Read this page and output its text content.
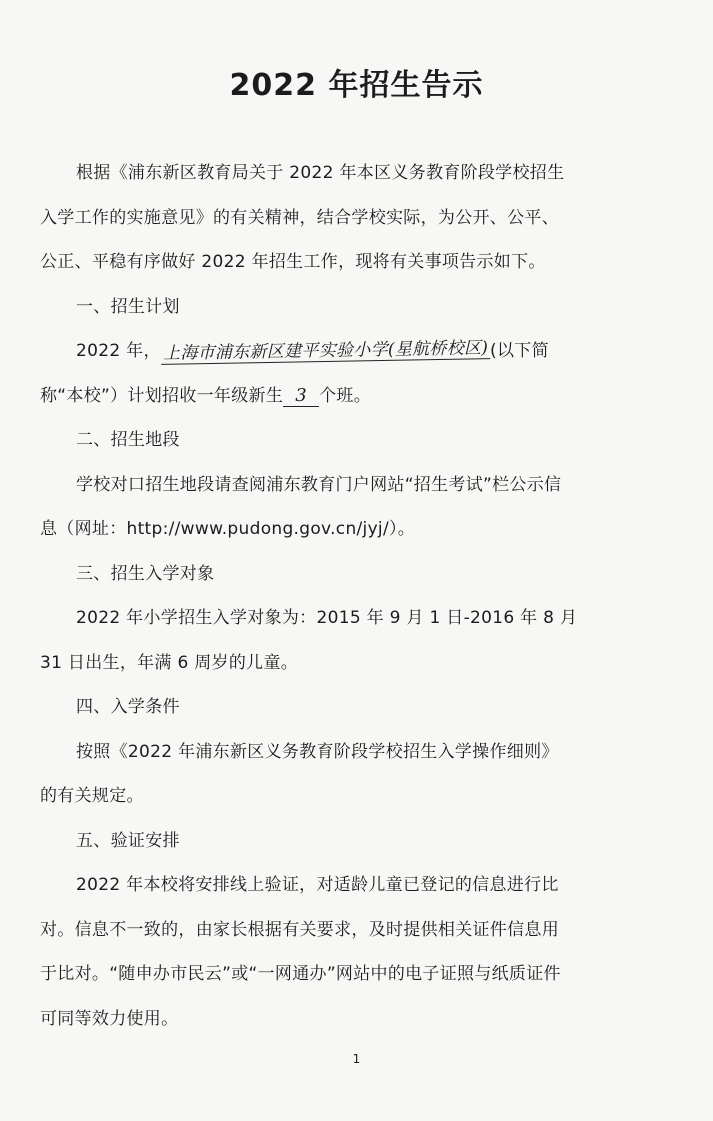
2022 年招生告示
根据《浦东新区教育局关于 2022 年本区义务教育阶段学校招生
入学工作的实施意见》的有关精神，结合学校实际，为公开、公平、
公正、平稳有序做好 2022 年招生工作，现将有关事项告示如下。
一、招生计划
2022 年， 上海市浦东新区建平实验小学(星航桥校区) (以下简
称“本校”）计划招收一年级新生 3 个班。
二、招生地段
学校对口招生地段请查阅浦东教育门户网站“招生考试”栏公示信
息（网址：http://www.pudong.gov.cn/jyj/）。
三、招生入学对象
2022 年小学招生入学对象为：2015 年 9 月 1 日-2016 年 8 月
31 日出生，年满 6 周岁的儿童。
四、入学条件
按照《2022 年浦东新区义务教育阶段学校招生入学操作细则》
的有关规定。
五、验证安排
2022 年本校将安排线上验证，对适龄儿童已登记的信息进行比
对。信息不一致的，由家长根据有关要求，及时提供相关证件信息用
于比对。“随申办市民云”或“一网通办”网站中的电子证照与纸质证件
可同等效力使用。
1
